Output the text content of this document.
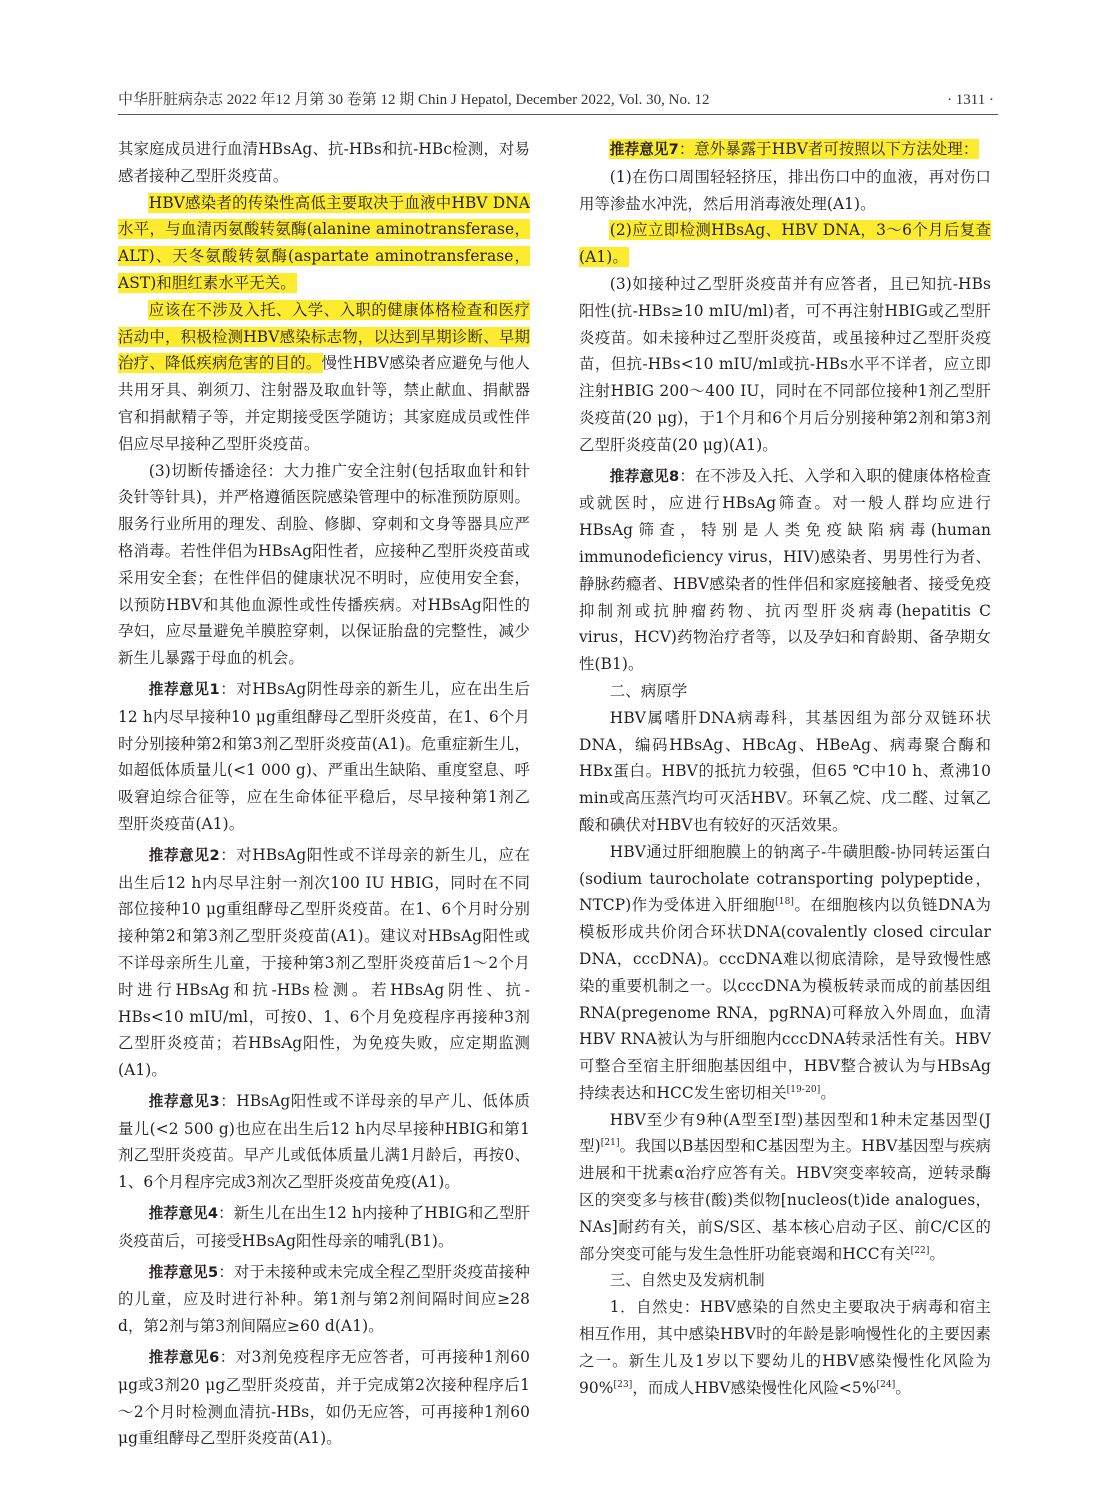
中华肝脏病杂志 2022 年12 月第 30 卷第 12 期 Chin J Hepatol, December 2022, Vol. 30, No. 12	· 1311 ·

其家庭成员进行血清HBsAg、抗-HBs和抗-HBc检测，对易感者接种乙型肝炎疫苗。

HBV感染者的传染性高低主要取决于血液中HBV DNA水平，与血清丙氨酸转氨酶(alanine aminotransferase，ALT)、天冬氨酸转氨酶(aspartate aminotransferase，AST)和胆红素水平无关。

应该在不涉及入托、入学、入职的健康体格检查和医疗活动中，积极检测HBV感染标志物，以达到早期诊断、早期治疗、降低疾病危害的目的。慢性HBV感染者应避免与他人共用牙具、剃须刀、注射器及取血针等，禁止献血、捐献器官和捐献精子等，并定期接受医学随访；其家庭成员或性伴侣应尽早接种乙型肝炎疫苗。

(3)切断传播途径：大力推广安全注射(包括取血针和针灸针等针具)，并严格遵循医院感染管理中的标准预防原则。服务行业所用的理发、刮脸、修脚、穿刺和文身等器具应严格消毒。若性伴侣为HBsAg阳性者，应接种乙型肝炎疫苗或采用安全套；在性伴侣的健康状况不明时，应使用安全套，以预防HBV和其他血源性或性传播疾病。对HBsAg阳性的孕妇，应尽量避免羊膜腔穿刺，以保证胎盘的完整性，减少新生儿暴露于母血的机会。

推荐意见1：对HBsAg阴性母亲的新生儿，应在出生后12 h内尽早接种10 μg重组酵母乙型肝炎疫苗，在1、6个月时分别接种第2和第3剂乙型肝炎疫苗(A1)。危重症新生儿，如超低体质量儿(<1 000 g)、严重出生缺陷、重度窒息、呼吸窘迫综合征等，应在生命体征平稳后，尽早接种第1剂乙型肝炎疫苗(A1)。

推荐意见2：对HBsAg阳性或不详母亲的新生儿，应在出生后12 h内尽早注射一剂次100 IU HBIG，同时在不同部位接种10 μg重组酵母乙型肝炎疫苗。在1、6个月时分别接种第2和第3剂乙型肝炎疫苗(A1)。建议对HBsAg阳性或不详母亲所生儿童，于接种第3剂乙型肝炎疫苗后1～2个月时进行HBsAg和抗-HBs检测。若HBsAg阴性、抗-HBs<10 mIU/ml，可按0、1、6个月免疫程序再接种3剂乙型肝炎疫苗；若HBsAg阳性，为免疫失败，应定期监测(A1)。

推荐意见3：HBsAg阳性或不详母亲的早产儿、低体质量儿(<2 500 g)也应在出生后12 h内尽早接种HBIG和第1剂乙型肝炎疫苗。早产儿或低体质量儿满1月龄后，再按0、1、6个月程序完成3剂次乙型肝炎疫苗免疫(A1)。

推荐意见4：新生儿在出生12 h内接种了HBIG和乙型肝炎疫苗后，可接受HBsAg阳性母亲的哺乳(B1)。

推荐意见5：对于未接种或未完成全程乙型肝炎疫苗接种的儿童，应及时进行补种。第1剂与第2剂间隔时间应≥28 d，第2剂与第3剂间隔应≥60 d(A1)。

推荐意见6：对3剂免疫程序无应答者，可再接种1剂60 μg或3剂20 μg乙型肝炎疫苗，并于完成第2次接种程序后1～2个月时检测血清抗-HBs，如仍无应答，可再接种1剂60 μg重组酵母乙型肝炎疫苗(A1)。

推荐意见7：意外暴露于HBV者可按照以下方法处理：

(1)在伤口周围轻轻挤压，排出伤口中的血液，再对伤口用等渗盐水冲洗，然后用消毒液处理(A1)。

(2)应立即检测HBsAg、HBV DNA，3～6个月后复查(A1)。

(3)如接种过乙型肝炎疫苗并有应答者，且已知抗-HBs阳性(抗-HBs≥10 mIU/ml)者，可不再注射HBIG或乙型肝炎疫苗。如未接种过乙型肝炎疫苗，或虽接种过乙型肝炎疫苗，但抗-HBs<10 mIU/ml或抗-HBs水平不详者，应立即注射HBIG 200～400 IU，同时在不同部位接种1剂乙型肝炎疫苗(20 μg)，于1个月和6个月后分别接种第2剂和第3剂乙型肝炎疫苗(20 μg)(A1)。

推荐意见8：在不涉及入托、入学和入职的健康体格检查或就医时，应进行HBsAg筛查。对一般人群均应进行HBsAg筛查，特别是人类免疫缺陷病毒(human immunodeficiency virus，HIV)感染者、男男性行为者、静脉药瘾者、HBV感染者的性伴侣和家庭接触者、接受免疫抑制剂或抗肿瘤药物、抗丙型肝炎病毒(hepatitis C virus，HCV)药物治疗者等，以及孕妇和育龄期、备孕期女性(B1)。

二、病原学

HBV属嗜肝DNA病毒科，其基因组为部分双链环状DNA，编码HBsAg、HBcAg、HBeAg、病毒聚合酶和HBx蛋白。HBV的抵抗力较强，但65 ℃中10 h、煮沸10 min或高压蒸汽均可灭活HBV。环氧乙烷、戊二醛、过氧乙酸和碘伏对HBV也有较好的灭活效果。

HBV通过肝细胞膜上的钠离子-牛磺胆酸-协同转运蛋白(sodium taurocholate cotransporting polypeptide，NTCP)作为受体进入肝细胞[18]。在细胞核内以负链DNA为模板形成共价闭合环状DNA(covalently closed circular DNA，cccDNA)。cccDNA难以彻底清除，是导致慢性感染的重要机制之一。以cccDNA为模板转录而成的前基因组RNA(pregenome RNA，pgRNA)可释放入外周血，血清HBV RNA被认为与肝细胞内cccDNA转录活性有关。HBV可整合至宿主肝细胞基因组中，HBV整合被认为与HBsAg持续表达和HCC发生密切相关[19-20]。

HBV至少有9种(A型至I型)基因型和1种未定基因型(J型)[21]。我国以B基因型和C基因型为主。HBV基因型与疾病进展和干扰素α治疗应答有关。HBV突变率较高，逆转录酶区的突变多与核苷(酸)类似物[nucleos(t)ide analogues，NAs]耐药有关，前S/S区、基本核心启动子区、前C/C区的部分突变可能与发生急性肝功能衰竭和HCC有关[22]。

三、自然史及发病机制

1．自然史：HBV感染的自然史主要取决于病毒和宿主相互作用，其中感染HBV时的年龄是影响慢性化的主要因素之一。新生儿及1岁以下婴幼儿的HBV感染慢性化风险为90%[23]，而成人HBV感染慢性化风险<5%[24]。
